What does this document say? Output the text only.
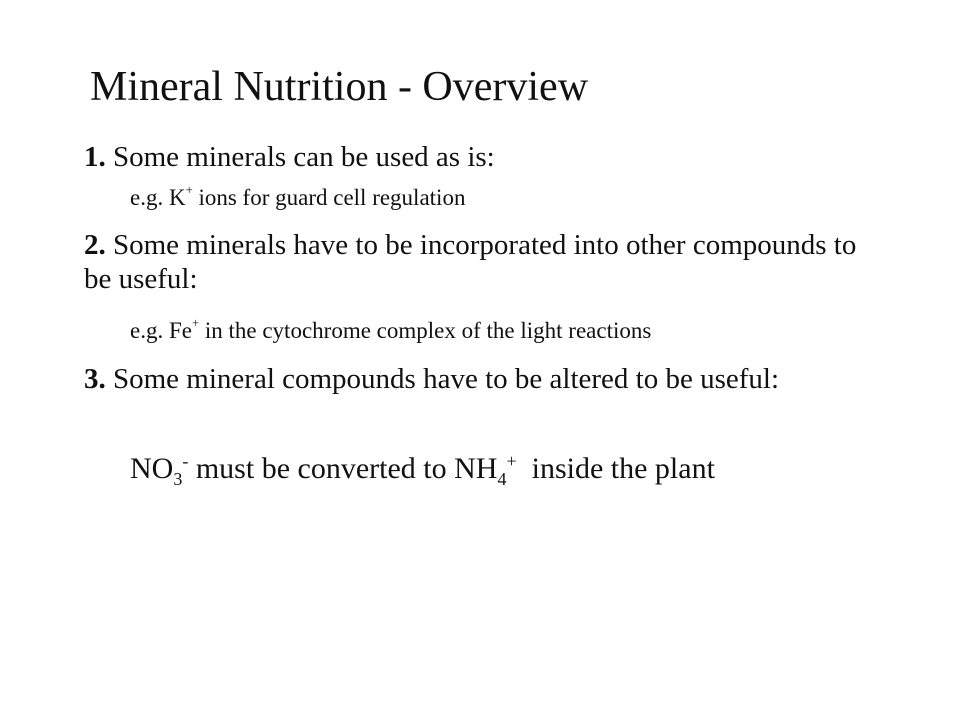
Mineral Nutrition - Overview
1. Some minerals can be used as is:
e.g. K+ ions for guard cell regulation
2. Some minerals have to be incorporated into other compounds to be useful:
e.g. Fe+ in the cytochrome complex of the light reactions
3. Some mineral compounds have to be altered to be useful:
$NO_3^-$ must be converted to $NH_4^+$  inside the plant
